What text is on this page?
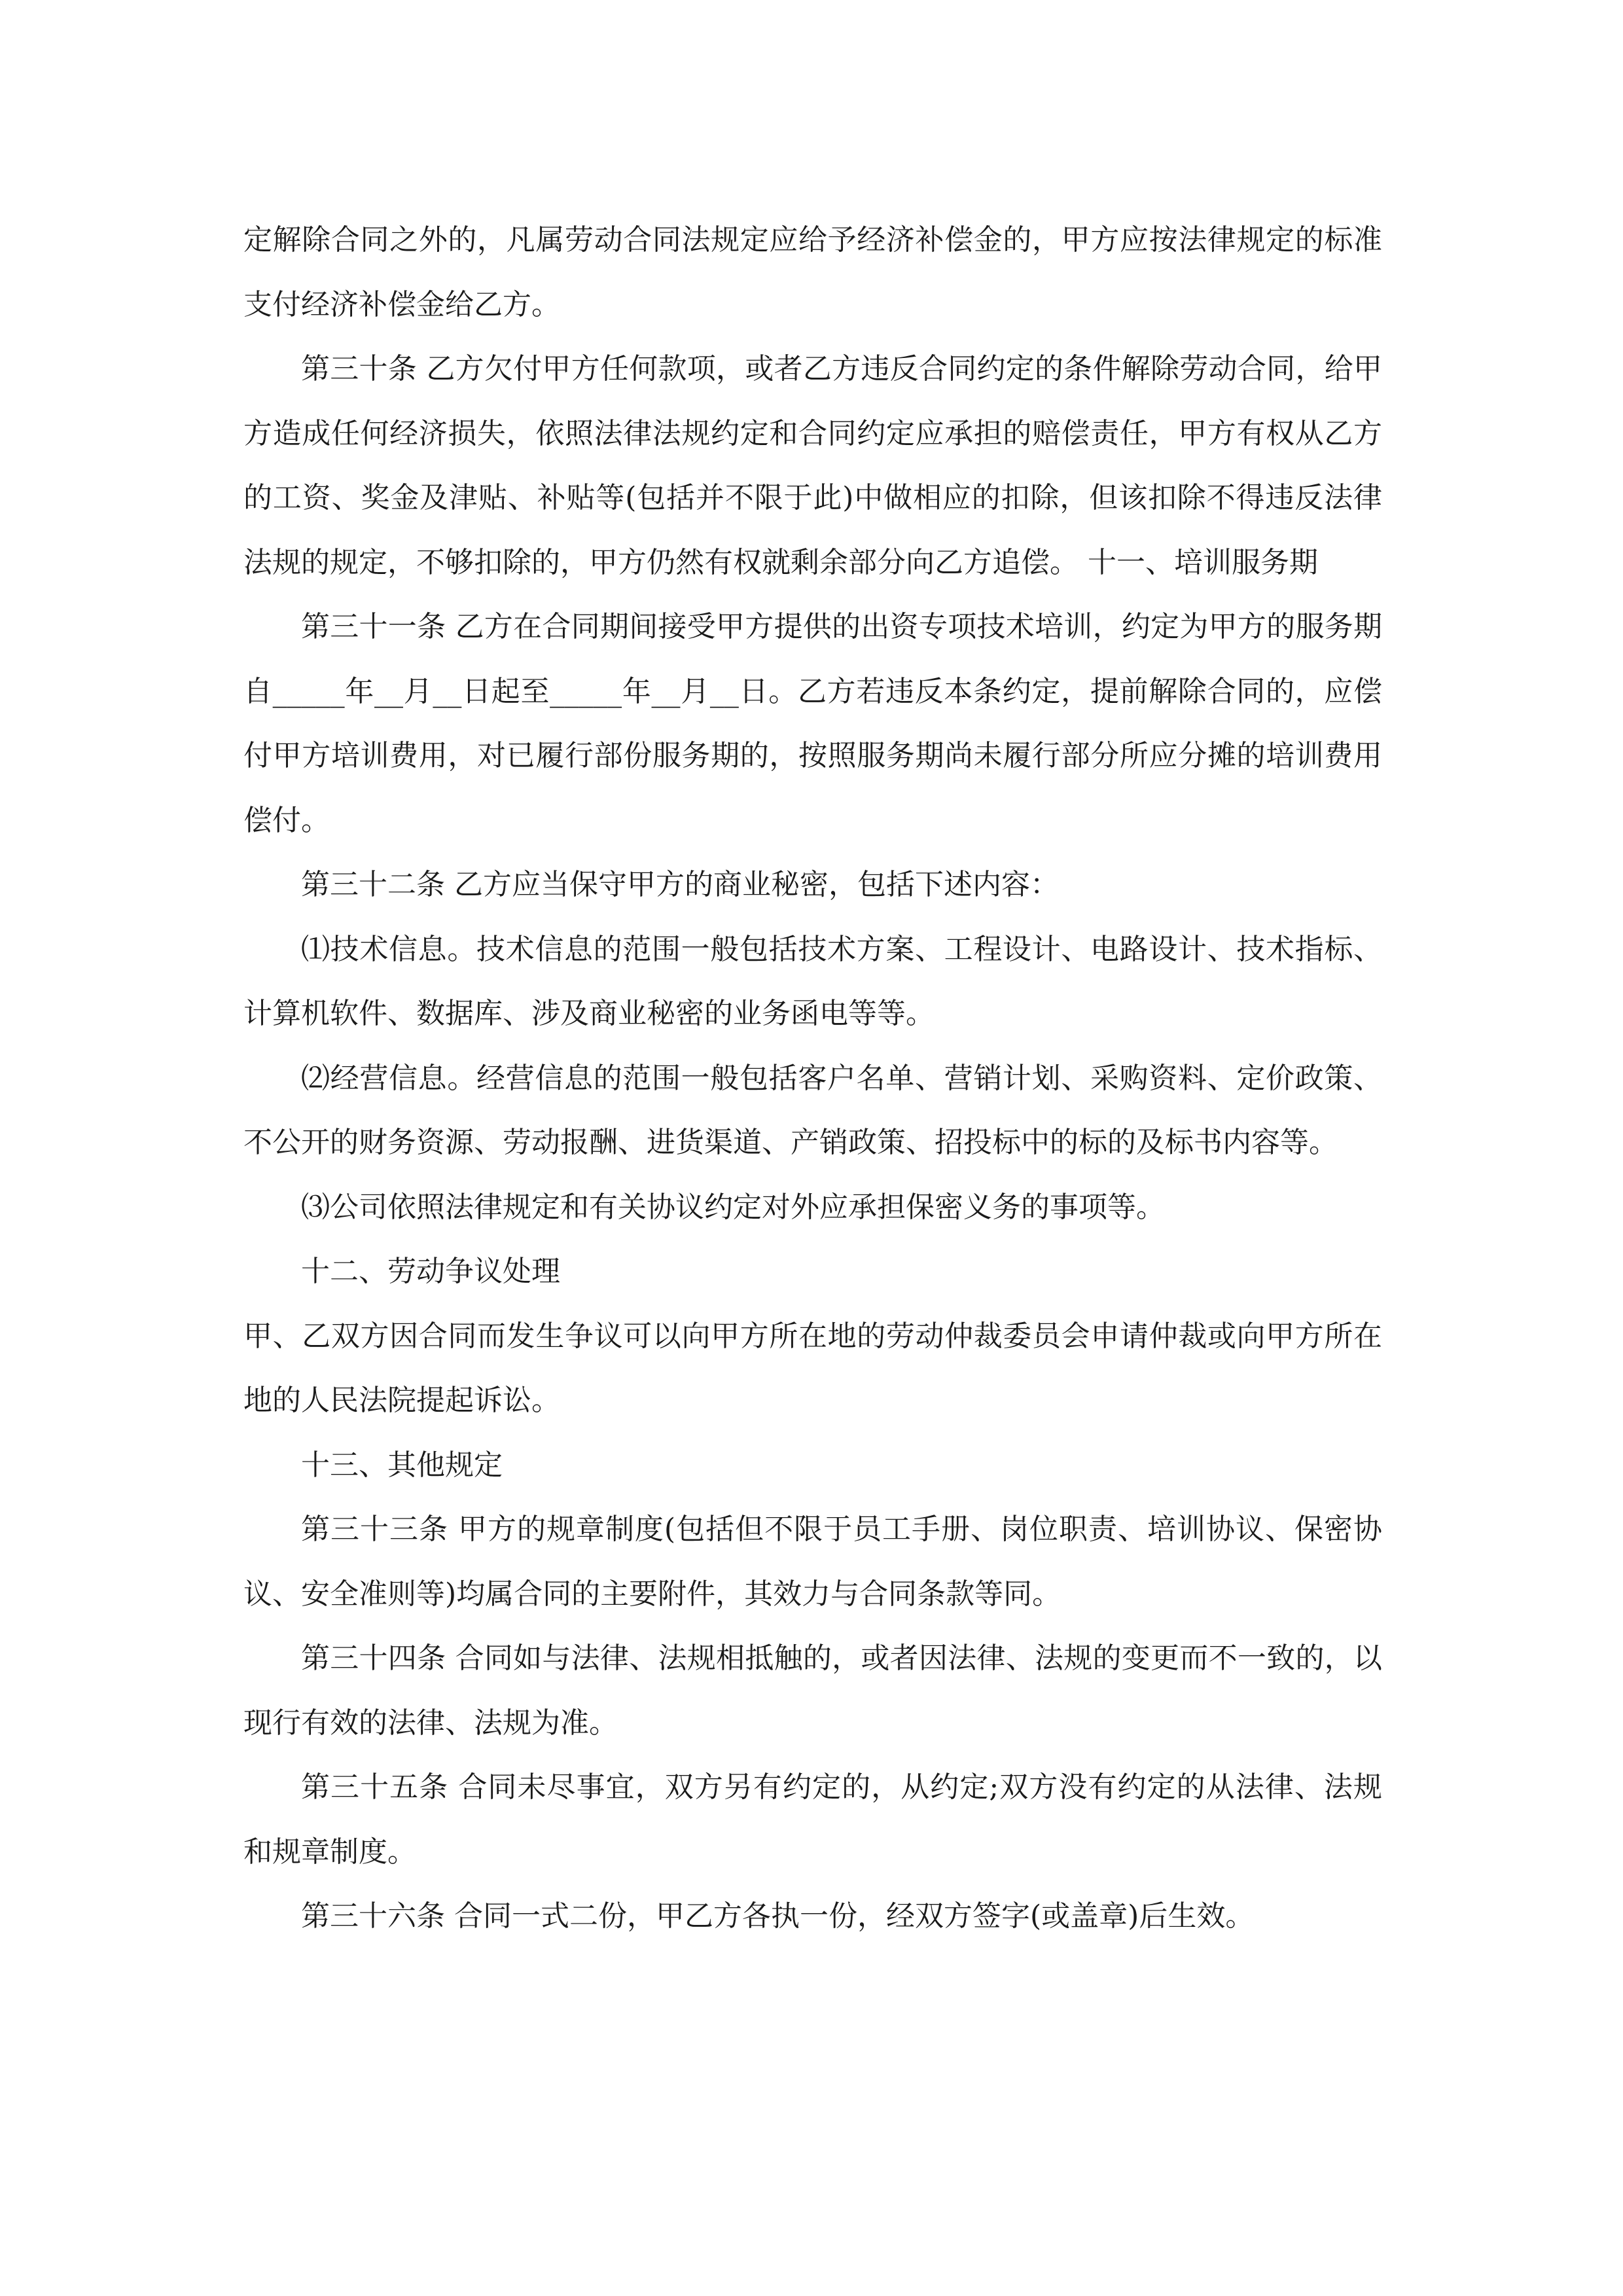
定解除合同之外的，凡属劳动合同法规定应给予经济补偿金的，甲方应按法律规定的标准支付经济补偿金给乙方。

第三十条 乙方欠付甲方任何款项，或者乙方违反合同约定的条件解除劳动合同，给甲方造成任何经济损失，依照法律法规约定和合同约定应承担的赔偿责任，甲方有权从乙方的工资、奖金及津贴、补贴等(包括并不限于此)中做相应的扣除，但该扣除不得违反法律法规的规定，不够扣除的，甲方仍然有权就剩余部分向乙方追偿。 十一、培训服务期

第三十一条 乙方在合同期间接受甲方提供的出资专项技术培训，约定为甲方的服务期自_____年__月__日起至_____年__月__日。乙方若违反本条约定，提前解除合同的，应偿付甲方培训费用，对已履行部份服务期的，按照服务期尚未履行部分所应分摊的培训费用偿付。

第三十二条 乙方应当保守甲方的商业秘密，包括下述内容：

⑴技术信息。技术信息的范围一般包括技术方案、工程设计、电路设计、技术指标、计算机软件、数据库、涉及商业秘密的业务函电等等。

⑵经营信息。经营信息的范围一般包括客户名单、营销计划、采购资料、定价政策、不公开的财务资源、劳动报酬、进货渠道、产销政策、招投标中的标的及标书内容等。

⑶公司依照法律规定和有关协议约定对外应承担保密义务的事项等。

十二、劳动争议处理

甲、乙双方因合同而发生争议可以向甲方所在地的劳动仲裁委员会申请仲裁或向甲方所在地的人民法院提起诉讼。

十三、其他规定

第三十三条 甲方的规章制度(包括但不限于员工手册、岗位职责、培训协议、保密协议、安全准则等)均属合同的主要附件，其效力与合同条款等同。

第三十四条 合同如与法律、法规相抵触的，或者因法律、法规的变更而不一致的，以现行有效的法律、法规为准。

第三十五条 合同未尽事宜，双方另有约定的，从约定;双方没有约定的从法律、法规和规章制度。

第三十六条 合同一式二份，甲乙方各执一份，经双方签字(或盖章)后生效。
